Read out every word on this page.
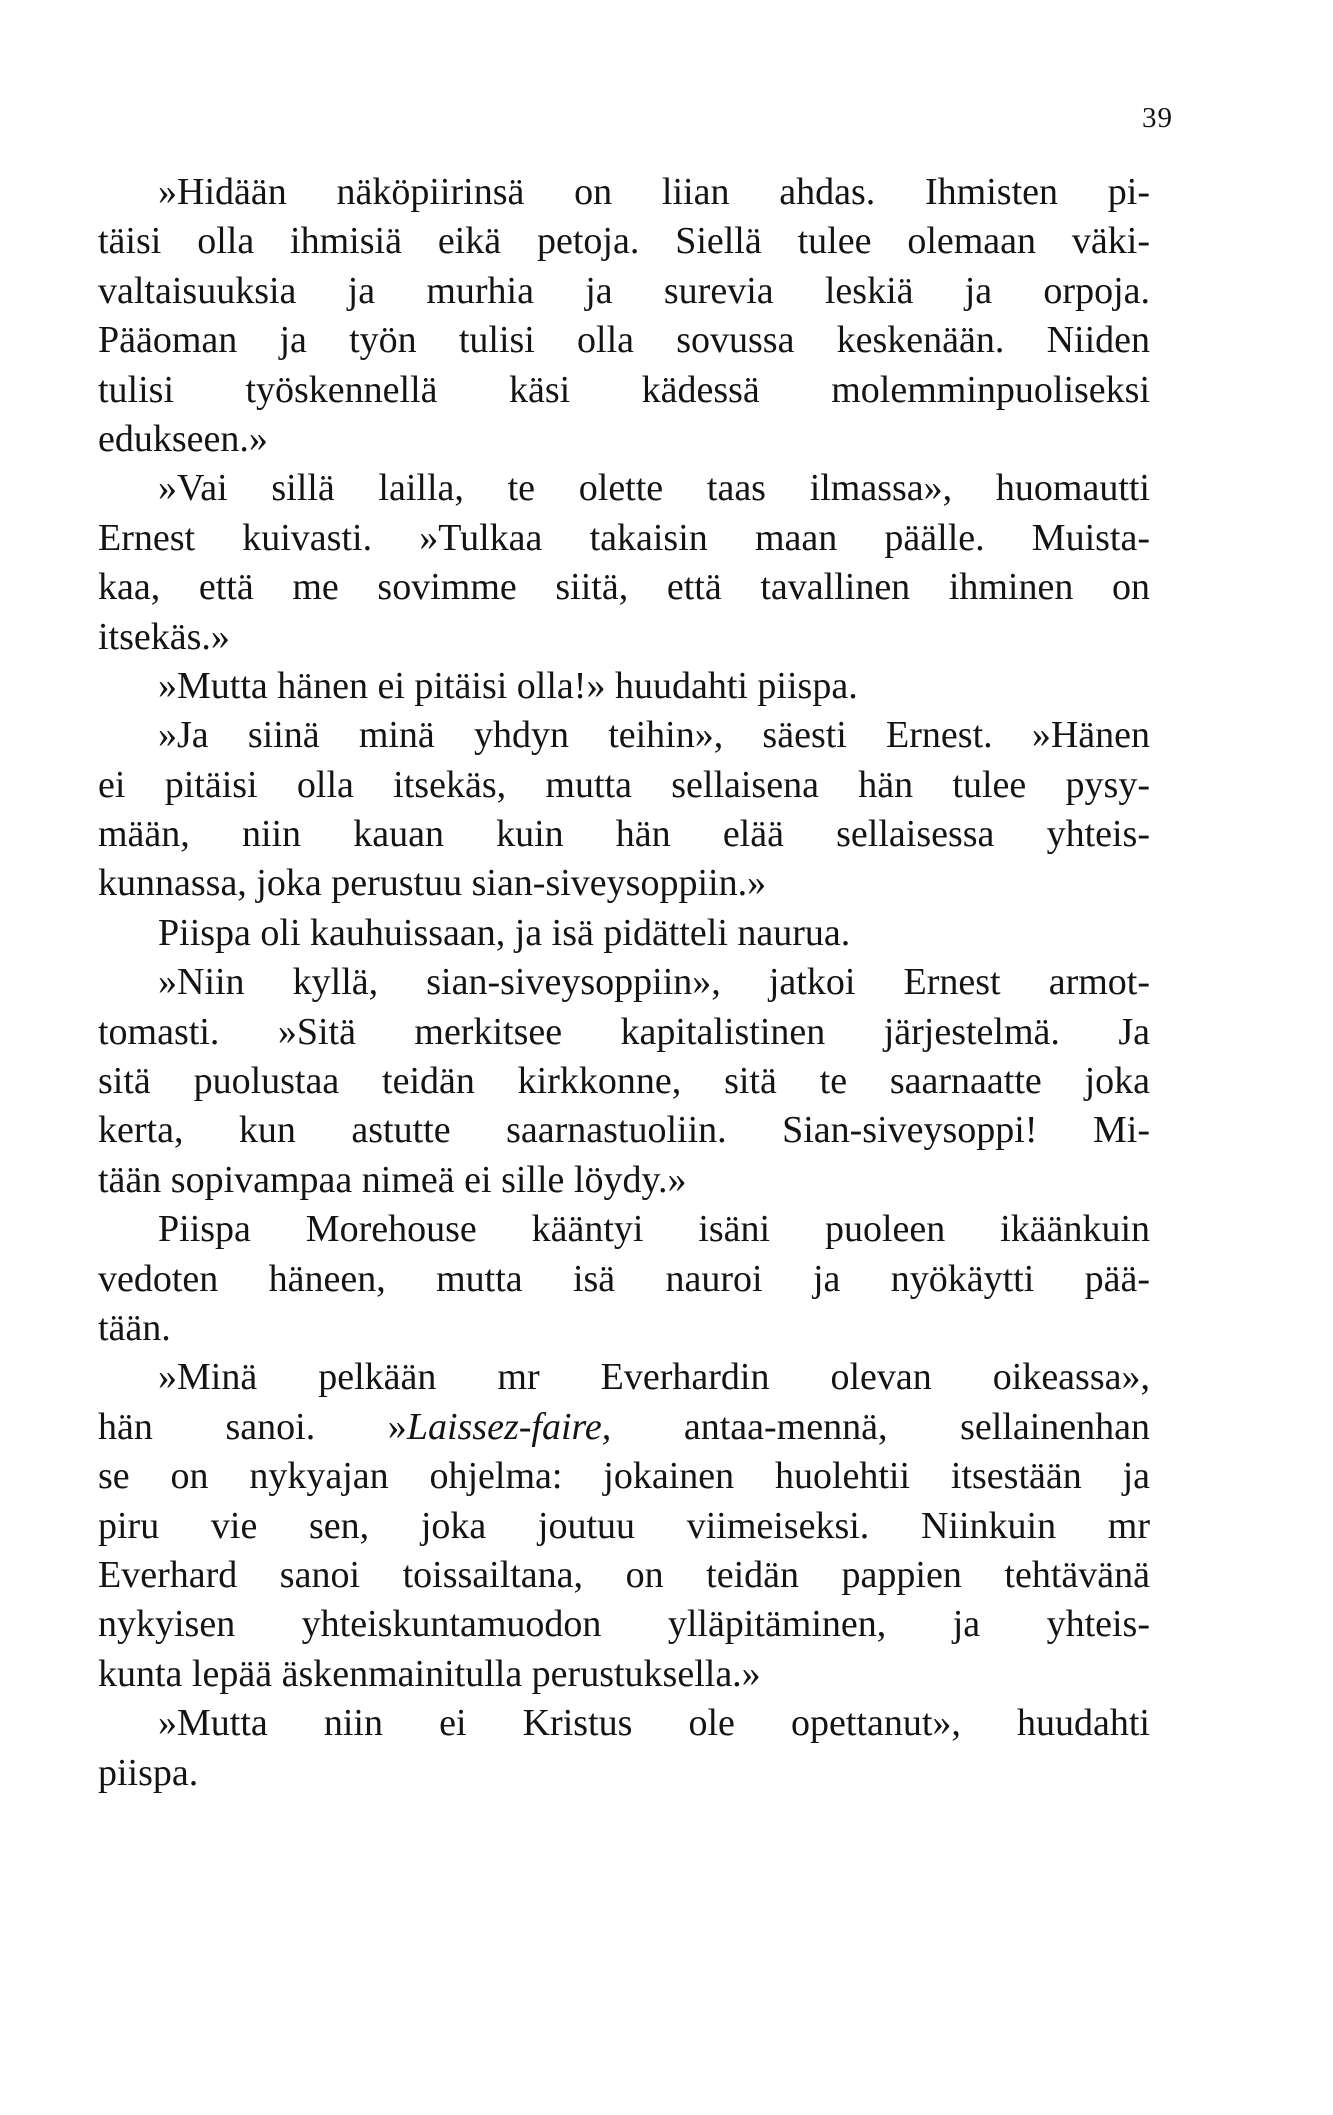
39
»Hidään näköpiirinsä on liian ahdas. Ihmisten pi-
täisi olla ihmisiä eikä petoja. Siellä tulee olemaan väki-
valtaisuuksia ja murhia ja surevia leskiä ja orpoja.
Pääoman ja työn tulisi olla sovussa keskenään. Niiden
tulisi työskennellä käsi kädessä molemminpuoliseksi
edukseen.»
»Vai sillä lailla, te olette taas ilmassa», huomautti
Ernest kuivasti. »Tulkaa takaisin maan päälle. Muista-
kaa, että me sovimme siitä, että tavallinen ihminen on
itsekäs.»
»Mutta hänen ei pitäisi olla!» huudahti piispa.
»Ja siinä minä yhdyn teihin», säesti Ernest. »Hänen
ei pitäisi olla itsekäs, mutta sellaisena hän tulee pysy-
mään, niin kauan kuin hän elää sellaisessa yhteis-
kunnassa, joka perustuu sian-siveysoppiin.»
Piispa oli kauhuissaan, ja isä pidätteli naurua.
»Niin kyllä, sian-siveysoppiin», jatkoi Ernest armot-
tomasti. »Sitä merkitsee kapitalistinen järjestelmä. Ja
sitä puolustaa teidän kirkkonne, sitä te saarnaatte joka
kerta, kun astutte saarnastuoliin. Sian-siveysoppi! Mi-
tään sopivampaa nimeä ei sille löydy.»
Piispa Morehouse kääntyi isäni puoleen ikäänkuin
vedoten häneen, mutta isä nauroi ja nyökäytti pää-
tään.
»Minä pelkään mr Everhardin olevan oikeassa»,
hän sanoi. »Laissez-faire, antaa-mennä, sellainenhan
se on nykyajan ohjelma: jokainen huolehtii itsestään ja
piru vie sen, joka joutuu viimeiseksi. Niinkuin mr
Everhard sanoi toissailtana, on teidän pappien tehtävänä
nykyisen yhteiskuntamuodon ylläpitäminen, ja yhteis-
kunta lepää äskenmainitulla perustuksella.»
»Mutta niin ei Kristus ole opettanut», huudahti
piispa.
